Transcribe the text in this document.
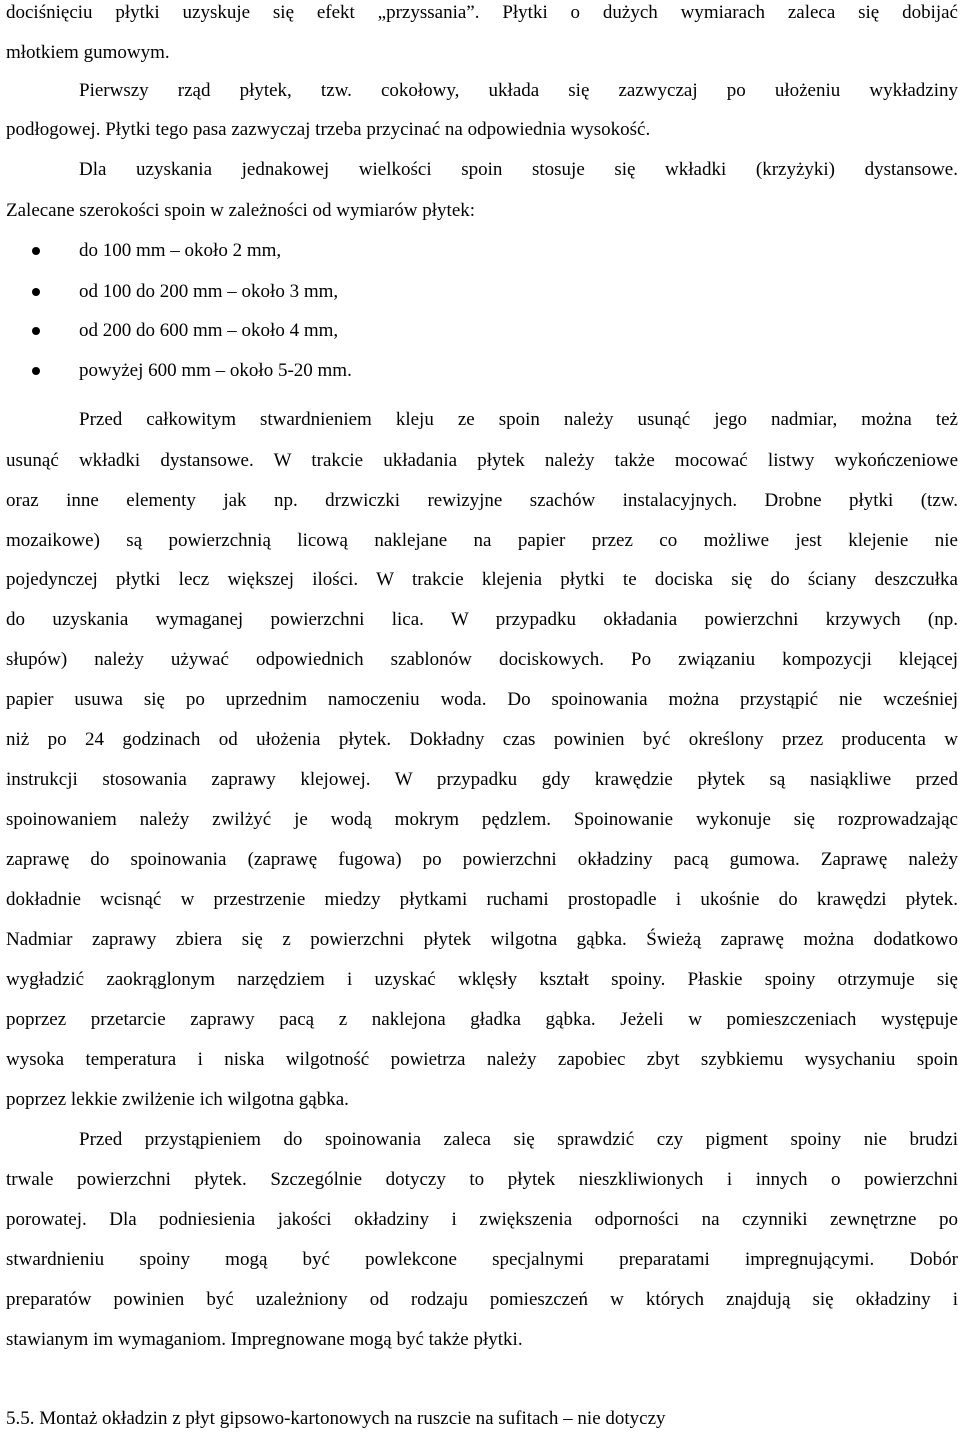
dociśnięciu płytki uzyskuje się efekt „przyssania”. Płytki o dużych wymiarach zaleca się dobijać
młotkiem gumowym.
Pierwszy rząd płytek, tzw. cokołowy, układa się zazwyczaj po ułożeniu wykładziny
podłogowej. Płytki tego pasa zazwyczaj trzeba przycinać na odpowiednia wysokość.
Dla uzyskania jednakowej wielkości spoin stosuje się wkładki (krzyżyki) dystansowe.
Zalecane szerokości spoin w zależności od wymiarów płytek:
do 100 mm – około 2 mm,
od 100 do 200 mm – około 3 mm,
od 200 do 600 mm – około 4 mm,
powyżej 600 mm – około 5-20 mm.
Przed całkowitym stwardnieniem kleju ze spoin należy usunąć jego nadmiar, można też
usunąć wkładki dystansowe. W trakcie układania płytek należy także mocować listwy wykończeniowe
oraz inne elementy jak np. drzwiczki rewizyjne szachów instalacyjnych. Drobne płytki (tzw.
mozaikowe) są powierzchnią licową naklejane na papier przez co możliwe jest klejenie nie
pojedynczej płytki lecz większej ilości. W trakcie klejenia płytki te dociska się do ściany deszczułka
do uzyskania wymaganej powierzchni lica. W przypadku okładania powierzchni krzywych (np.
słupów) należy używać odpowiednich szablonów dociskowych. Po związaniu kompozycji klejącej
papier usuwa się po uprzednim namoczeniu woda. Do spoinowania można przystąpić nie wcześniej
niż po 24 godzinach od ułożenia płytek. Dokładny czas powinien być określony przez producenta w
instrukcji stosowania zaprawy klejowej. W przypadku gdy krawędzie płytek są nasiąkliwe przed
spoinowaniem należy zwilżyć je wodą mokrym pędzlem. Spoinowanie wykonuje się rozprowadzając
zaprawę do spoinowania (zaprawę fugowa) po powierzchni okładziny pacą gumowa. Zaprawę należy
dokładnie wcisnąć w przestrzenie miedzy płytkami ruchami prostopadle i ukośnie do krawędzi płytek.
Nadmiar zaprawy zbiera się z powierzchni płytek wilgotna gąbka. Świeżą zaprawę można dodatkowo
wygładzić zaokrąglonym narzędziem i uzyskać wklęsły kształt spoiny. Płaskie spoiny otrzymuje się
poprzez przetarcie zaprawy pacą z naklejona gładka gąbka. Jeżeli w pomieszczeniach występuje
wysoka temperatura i niska wilgotność powietrza należy zapobiec zbyt szybkiemu wysychaniu spoin
poprzez lekkie zwilżenie ich wilgotna gąbka.
Przed przystąpieniem do spoinowania zaleca się sprawdzić czy pigment spoiny nie brudzi
trwale powierzchni płytek. Szczególnie dotyczy to płytek nieszkliwionych i innych o powierzchni
porowatej. Dla podniesienia jakości okładziny i zwiększenia odporności na czynniki zewnętrzne po
stwardnieniu spoiny mogą być powlekcone specjalnymi preparatami impregnującymi. Dobór
preparatów powinien być uzależniony od rodzaju pomieszczeń w których znajdują się okładziny i
stawianym im wymaganiom. Impregnowane mogą być także płytki.
5.5. Montaż okładzin z płyt gipsowo-kartonowych na ruszcie na sufitach – nie dotyczy
